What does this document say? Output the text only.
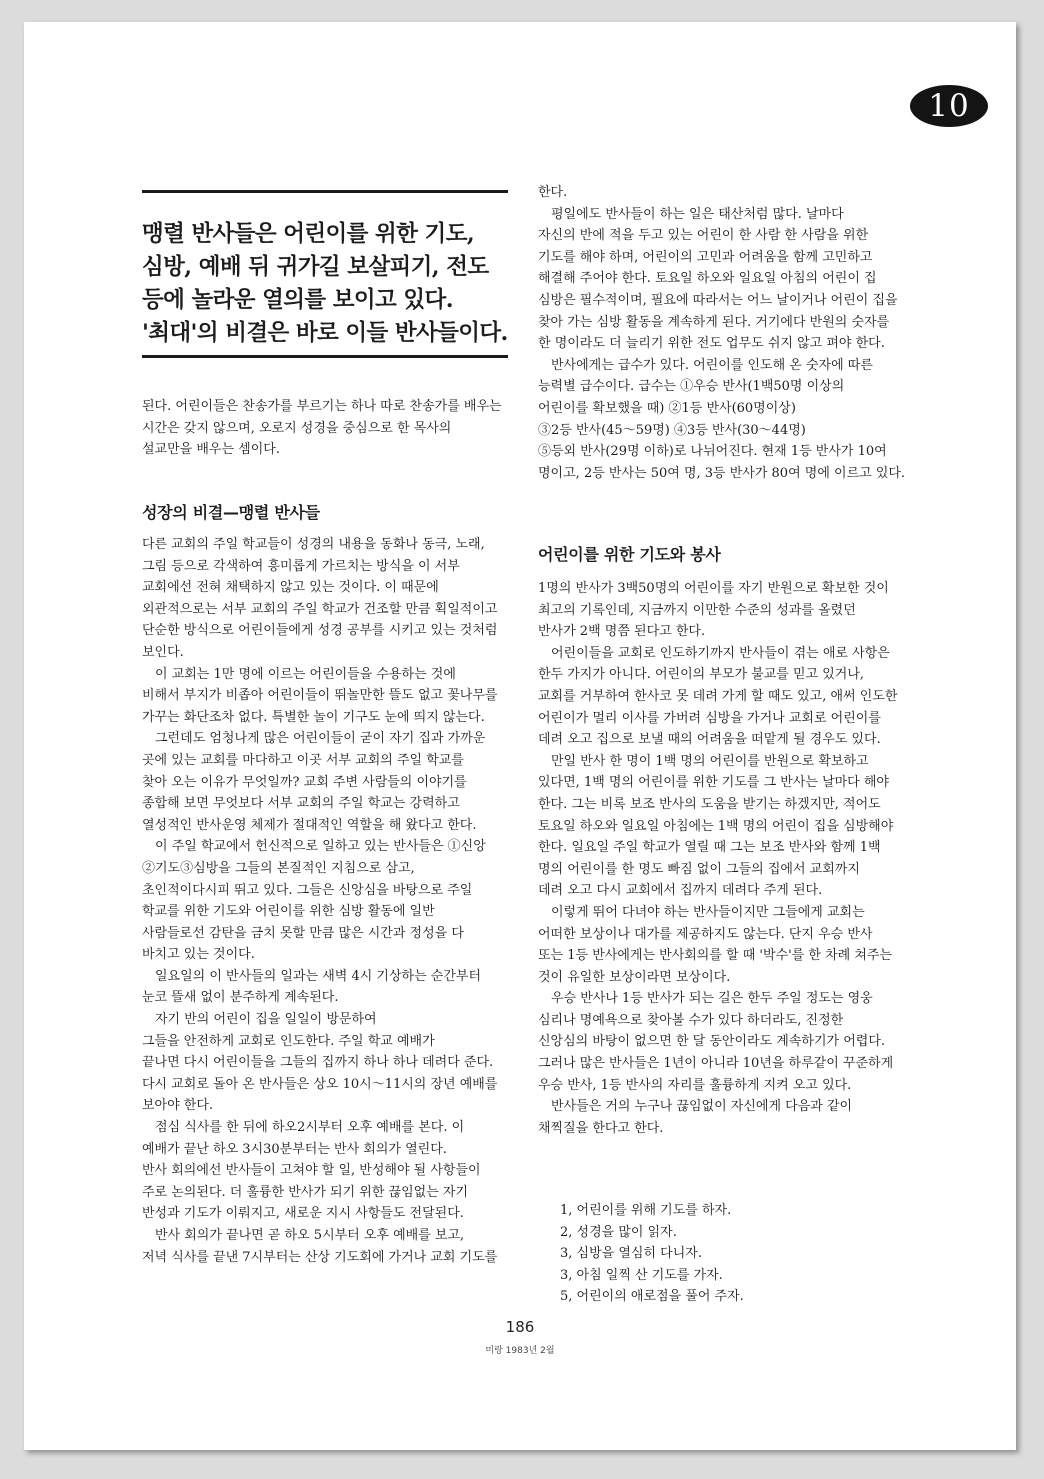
10
맹렬 반사들은 어린이를 위한 기도,
심방, 예배 뒤 귀가길 보살피기, 전도
등에 놀라운 열의를 보이고 있다.
'최대'의 비결은 바로 이들 반사들이다.
된다. 어린이들은 찬송가를 부르기는 하나 따로 찬송가를 배우는
시간은 갖지 않으며, 오로지 성경을 중심으로 한 목사의
설교만을 배우는 셈이다.
성장의 비결—맹렬 반사들
다른 교회의 주일 학교들이 성경의 내용을 동화나 동극, 노래,
그림 등으로 각색하여 흥미롭게 가르치는 방식을 이 서부
교회에선 전혀 채택하지 않고 있는 것이다. 이 때문에
외관적으로는 서부 교회의 주일 학교가 건조할 만큼 획일적이고
단순한 방식으로 어린이들에게 성경 공부를 시키고 있는 것처럼
보인다.
　이 교회는 1만 명에 이르는 어린이들을 수용하는 것에
비해서 부지가 비좁아 어린이들이 뛰놀만한 뜰도 없고 꽃나무를
가꾸는 화단조차 없다. 특별한 놀이 기구도 눈에 띄지 않는다.
　그런데도 엄청나게 많은 어린이들이 굳이 자기 집과 가까운
곳에 있는 교회를 마다하고 이곳 서부 교회의 주일 학교를
찾아 오는 이유가 무엇일까? 교회 주변 사람들의 이야기를
종합해 보면 무엇보다 서부 교회의 주일 학교는 강력하고
열성적인 반사운영 체제가 절대적인 역할을 해 왔다고 한다.
　이 주일 학교에서 헌신적으로 일하고 있는 반사들은 ①신앙
②기도③심방을 그들의 본질적인 지침으로 삼고,
초인적이다시피 뛰고 있다. 그들은 신앙심을 바탕으로 주일
학교를 위한 기도와 어린이를 위한 심방 활동에 일반
사람들로선 감탄을 금치 못할 만큼 많은 시간과 정성을 다
바치고 있는 것이다.
　일요일의 이 반사들의 일과는 새벽 4시 기상하는 순간부터
눈코 뜰새 없이 분주하게 계속된다.
　자기 반의 어린이 집을 일일이 방문하여
그들을 안전하게 교회로 인도한다. 주일 학교 예배가
끝나면 다시 어린이들을 그들의 집까지 하나 하나 데려다 준다.
다시 교회로 돌아 온 반사들은 상오 10시～11시의 장년 예배를
보아야 한다.
　점심 식사를 한 뒤에 하오2시부터 오후 예배를 본다. 이
예배가 끝난 하오 3시30분부터는 반사 회의가 열린다.
반사 회의에선 반사들이 고쳐야 할 일, 반성해야 될 사항들이
주로 논의된다. 더 훌륭한 반사가 되기 위한 끊임없는 자기
반성과 기도가 이뤄지고, 새로운 지시 사항들도 전달된다.
　반사 회의가 끝나면 곧 하오 5시부터 오후 예배를 보고,
저녁 식사를 끝낸 7시부터는 산상 기도회에 가거나 교회 기도를
한다.
　평일에도 반사들이 하는 일은 태산처럼 많다. 날마다
자신의 반에 적을 두고 있는 어린이 한 사람 한 사람을 위한
기도를 해야 하며, 어린이의 고민과 어려움을 함께 고민하고
해결해 주어야 한다. 토요일 하오와 일요일 아침의 어린이 집
심방은 필수적이며, 필요에 따라서는 어느 날이거나 어린이 집을
찾아 가는 심방 활동을 계속하게 된다. 거기에다 반원의 숫자를
한 명이라도 더 늘리기 위한 전도 업무도 쉬지 않고 펴야 한다.
　반사에게는 급수가 있다. 어린이를 인도해 온 숫자에 따른
능력별 급수이다. 급수는 ①우승 반사(1백50명 이상의
어린이를 확보했을 때) ②1등 반사(60명이상)
③2등 반사(45～59명) ④3등 반사(30～44명)
⑤등외 반사(29명 이하)로 나뉘어진다. 현재 1등 반사가 10여
명이고, 2등 반사는 50여 명, 3등 반사가 80여 명에 이르고 있다.
어린이를 위한 기도와 봉사
1명의 반사가 3백50명의 어린이를 자기 반원으로 확보한 것이
최고의 기록인데, 지금까지 이만한 수준의 성과를 올렸던
반사가 2백 명쯤 된다고 한다.
　어린이들을 교회로 인도하기까지 반사들이 겪는 애로 사항은
한두 가지가 아니다. 어린이의 부모가 불교를 믿고 있거나,
교회를 거부하여 한사코 못 데려 가게 할 때도 있고, 애써 인도한
어린이가 멀리 이사를 가버려 심방을 가거나 교회로 어린이를
데려 오고 집으로 보낼 때의 어려움을 떠맡게 될 경우도 있다.
　만일 반사 한 명이 1백 명의 어린이를 반원으로 확보하고
있다면, 1백 명의 어린이를 위한 기도를 그 반사는 날마다 해야
한다. 그는 비록 보조 반사의 도움을 받기는 하겠지만, 적어도
토요일 하오와 일요일 아침에는 1백 명의 어린이 집을 심방해야
한다. 일요일 주일 학교가 열릴 때 그는 보조 반사와 함께 1백
명의 어린이를 한 명도 빠짐 없이 그들의 집에서 교회까지
데려 오고 다시 교회에서 집까지 데려다 주게 된다.
　이렇게 뛰어 다녀야 하는 반사들이지만 그들에게 교회는
어떠한 보상이나 대가를 제공하지도 않는다. 단지 우승 반사
또는 1등 반사에게는 반사회의를 할 때 '박수'를 한 차례 쳐주는
것이 유일한 보상이라면 보상이다.
　우승 반사나 1등 반사가 되는 길은 한두 주일 정도는 영웅
심리나 명예욕으로 찾아볼 수가 있다 하더라도, 진정한
신앙심의 바탕이 없으면 한 달 동안이라도 계속하기가 어렵다.
그러나 많은 반사들은 1년이 아니라 10년을 하루같이 꾸준하게
우승 반사, 1등 반사의 자리를 훌륭하게 지켜 오고 있다.
　반사들은 거의 누구나 끊임없이 자신에게 다음과 같이
채찍질을 한다고 한다.
1, 어린이를 위해 기도를 하자.
2, 성경을 많이 읽자.
3, 심방을 열심히 다니자.
3, 아침 일찍 산 기도를 가자.
5, 어린이의 애로점을 풀어 주자.
186
미랑 1983년 2월
